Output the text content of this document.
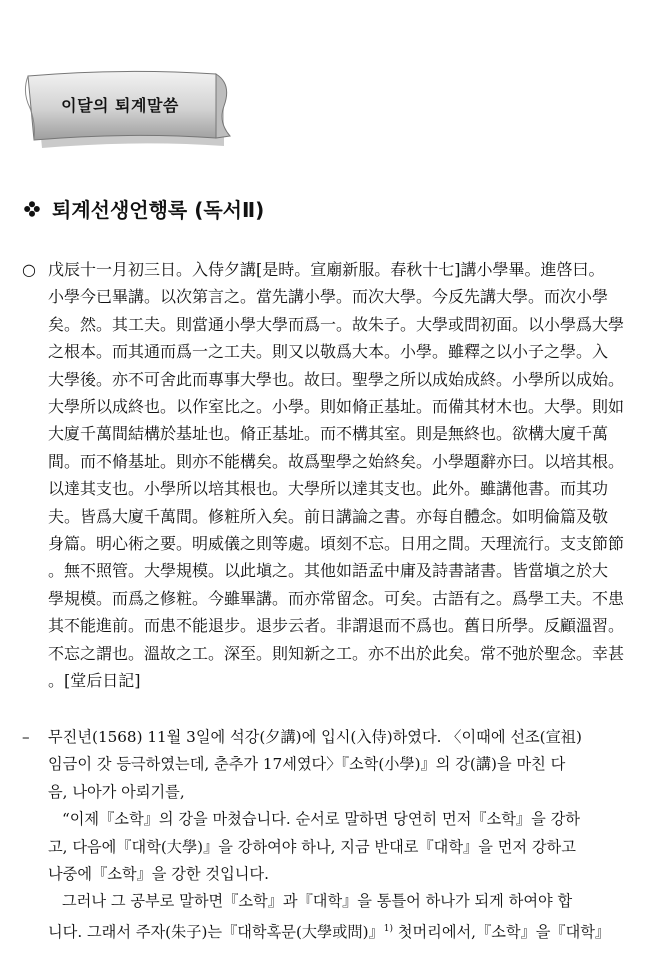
이달의 퇴계말씀
퇴계선생언행록 (독서Ⅱ)
○ 戊辰十一月初三日。入侍夕講[是時。宣廟新服。春秋十七]講小學畢。進啓曰。
小學今已畢講。以次第言之。當先講小學。而次大學。今反先講大學。而次小學
矣。然。其工夫。則當通小學大學而爲一。故朱子。大學或問初面。以小學爲大學
之根本。而其通而爲一之工夫。則又以敬爲大本。小學。雖釋之以小子之學。入
大學後。亦不可舍此而專事大學也。故曰。聖學之所以成始成終。小學所以成始。
大學所以成終也。以作室比之。小學。則如脩正基址。而備其材木也。大學。則如
大廈千萬間結構於基址也。脩正基址。而不構其室。則是無終也。欲構大廈千萬
間。而不脩基址。則亦不能構矣。故爲聖學之始終矣。小學題辭亦曰。以培其根。
以達其支也。小學所以培其根也。大學所以達其支也。此外。雖講他書。而其功
夫。皆爲大廈千萬間。修粧所入矣。前日講論之書。亦每自體念。如明倫篇及敬
身篇。明心術之要。明威儀之則等處。頃刻不忘。日用之間。天理流行。支支節節
。無不照管。大學規模。以此塡之。其他如語孟中庸及詩書諸書。皆當塡之於大
學規模。而爲之修粧。今雖畢講。而亦常留念。可矣。古語有之。爲學工夫。不患
其不能進前。而患不能退步。退步云者。非謂退而不爲也。舊日所學。反顧溫習。
不忘之謂也。溫故之工。深至。則知新之工。亦不出於此矣。常不弛於聖念。幸甚
。[堂后日記]
– 무진년(1568) 11월 3일에 석강(夕講)에 입시(入侍)하였다. 〈이때에 선조(宣祖)
임금이 갓 등극하였는데, 춘추가 17세였다〉『소학(小學)』의 강(講)을 마친 다
음, 나아가 아뢰기를,
“이제『소학』의 강을 마쳤습니다. 순서로 말하면 당연히 먼저『소학』을 강하
고, 다음에『대학(大學)』을 강하여야 하나, 지금 반대로『대학』을 먼저 강하고
나중에『소학』을 강한 것입니다.
그러나 그 공부로 말하면『소학』과『대학』을 통틀어 하나가 되게 하여야 합
니다. 그래서 주자(朱子)는『대학혹문(大學或問)』$^{1)}$ 첫머리에서,『소학』을『대학』
